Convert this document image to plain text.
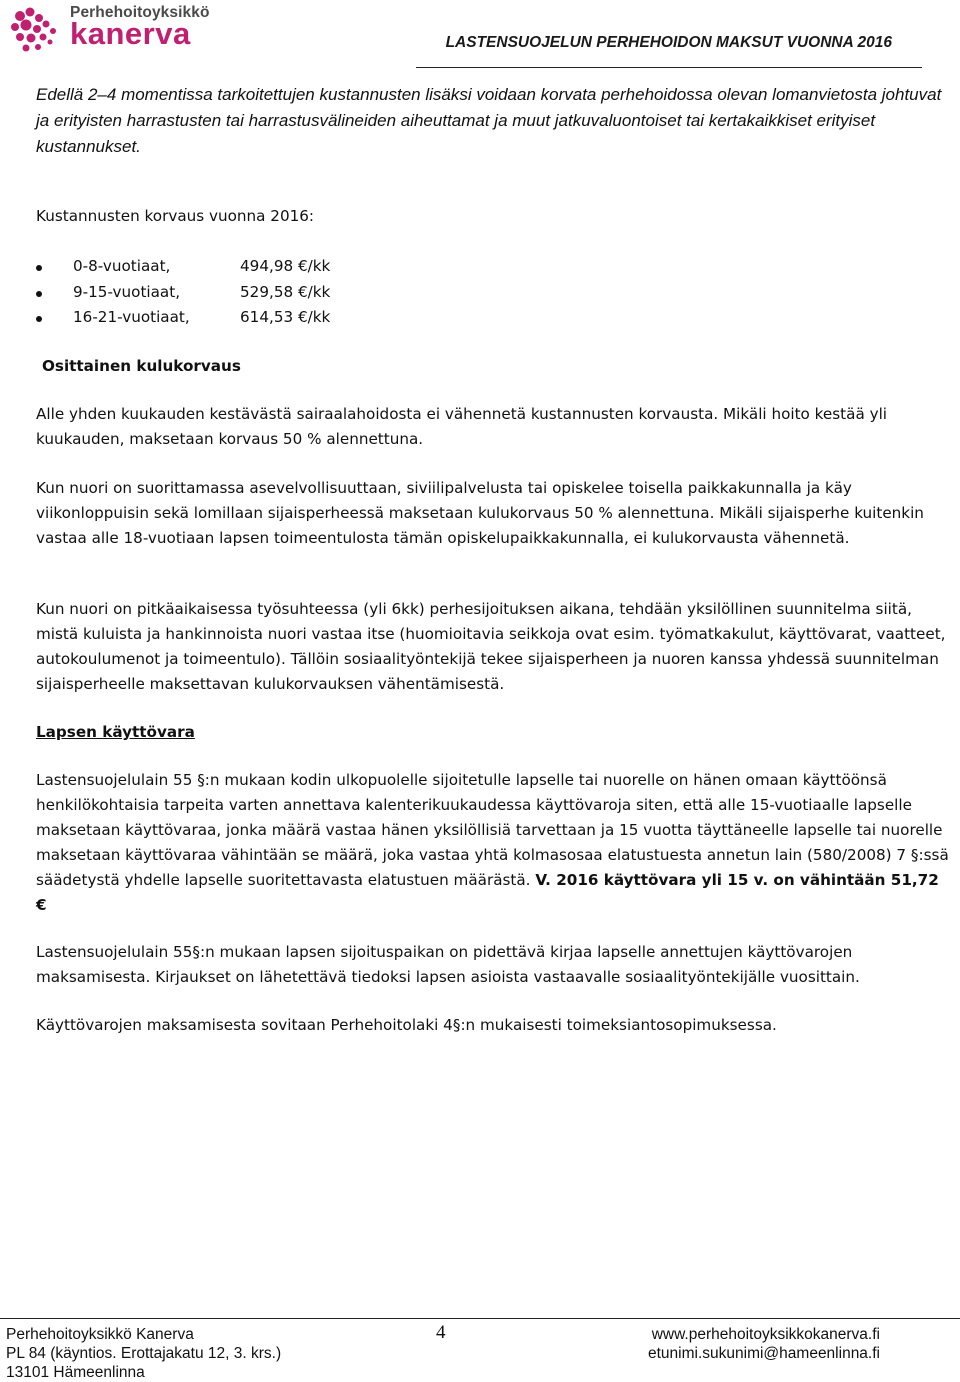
Perhehoitoyksikkö
kanerva	LASTENSUOJELUN PERHEHOIDON MAKSUT VUONNA 2016
Edellä 2–4 momentissa tarkoitettujen kustannusten lisäksi voidaan korvata perhehoidossa olevan lomanvietosta johtuvat ja erityisten harrastusten tai harrastusvälineiden aiheuttamat ja muut jatkuvaluontoiset tai kertakaikkiset erityiset kustannukset.
Kustannusten korvaus vuonna 2016:
0-8-vuotiaat,	494,98 €/kk
9-15-vuotiaat,	529,58 €/kk
16-21-vuotiaat,	614,53 €/kk
Osittainen kulukorvaus
Alle yhden kuukauden kestävästä sairaalahoidosta ei vähennetä kustannusten korvausta. Mikäli hoito kestää yli kuukauden, maksetaan korvaus 50 % alennettuna.
Kun nuori on suorittamassa asevelvollisuuttaan, siviilipalvelusta tai opiskelee toisella paikkakunnalla ja käy viikonloppuisin sekä lomillaan sijaisperheessä maksetaan kulukorvaus 50 % alennettuna. Mikäli sijaisperhe kuitenkin vastaa alle 18-vuotiaan lapsen toimeentulosta tämän opiskelupaikkakunnalla, ei kulukorvausta vähennetä.
Kun nuori on pitkäaikaisessa työsuhteessa (yli 6kk) perhesijoituksen aikana, tehdään yksilöllinen suunnitelma siitä, mistä kuluista ja hankinnoista nuori vastaa itse (huomioitavia seikkoja ovat esim. työmatkakulut, käyttövarat, vaatteet, autokoulumenot ja toimeentulo). Tällöin sosiaalityöntekijä tekee sijaisperheen ja nuoren kanssa yhdessä suunnitelman sijaisperheelle maksettavan kulukorvauksen vähentämisestä.
Lapsen käyttövara
Lastensuojelulain 55 §:n mukaan kodin ulkopuolelle sijoitetulle lapselle tai nuorelle on hänen omaan käyttöönsä henkilökohtaisia tarpeita varten annettava kalenterikuukaudessa käyttövaroja siten, että alle 15-vuotiaalle lapselle maksetaan käyttövaraa, jonka määrä vastaa hänen yksilöllisiä tarvettaan ja 15 vuotta täyttäneelle lapselle tai nuorelle maksetaan käyttövaraa vähintään se määrä, joka vastaa yhtä kolmasosaa elatustuesta annetun lain (580/2008) 7 §:ssä säädetystä yhdelle lapselle suoritettavasta elatustuen määrästä. V. 2016 käyttövara yli 15 v. on vähintään 51,72 €
Lastensuojelulain 55§:n mukaan lapsen sijoituspaikan on pidettävä kirjaa lapselle annettujen käyttövarojen maksamisesta. Kirjaukset on lähetettävä tiedoksi lapsen asioista vastaavalle sosiaalityöntekijälle vuosittain.
Käyttövarojen maksamisesta sovitaan Perhehoitolaki 4§:n mukaisesti toimeksiantosopimuksessa.
Perhehoitoyksikkö Kanerva
PL 84 (käyntios. Erottajakatu 12, 3. krs.)
13101 Hämeenlinna
4	www.perhehoitoyksikkokanerva.fi
etunimi.sukunimi@hameenlinna.fi
